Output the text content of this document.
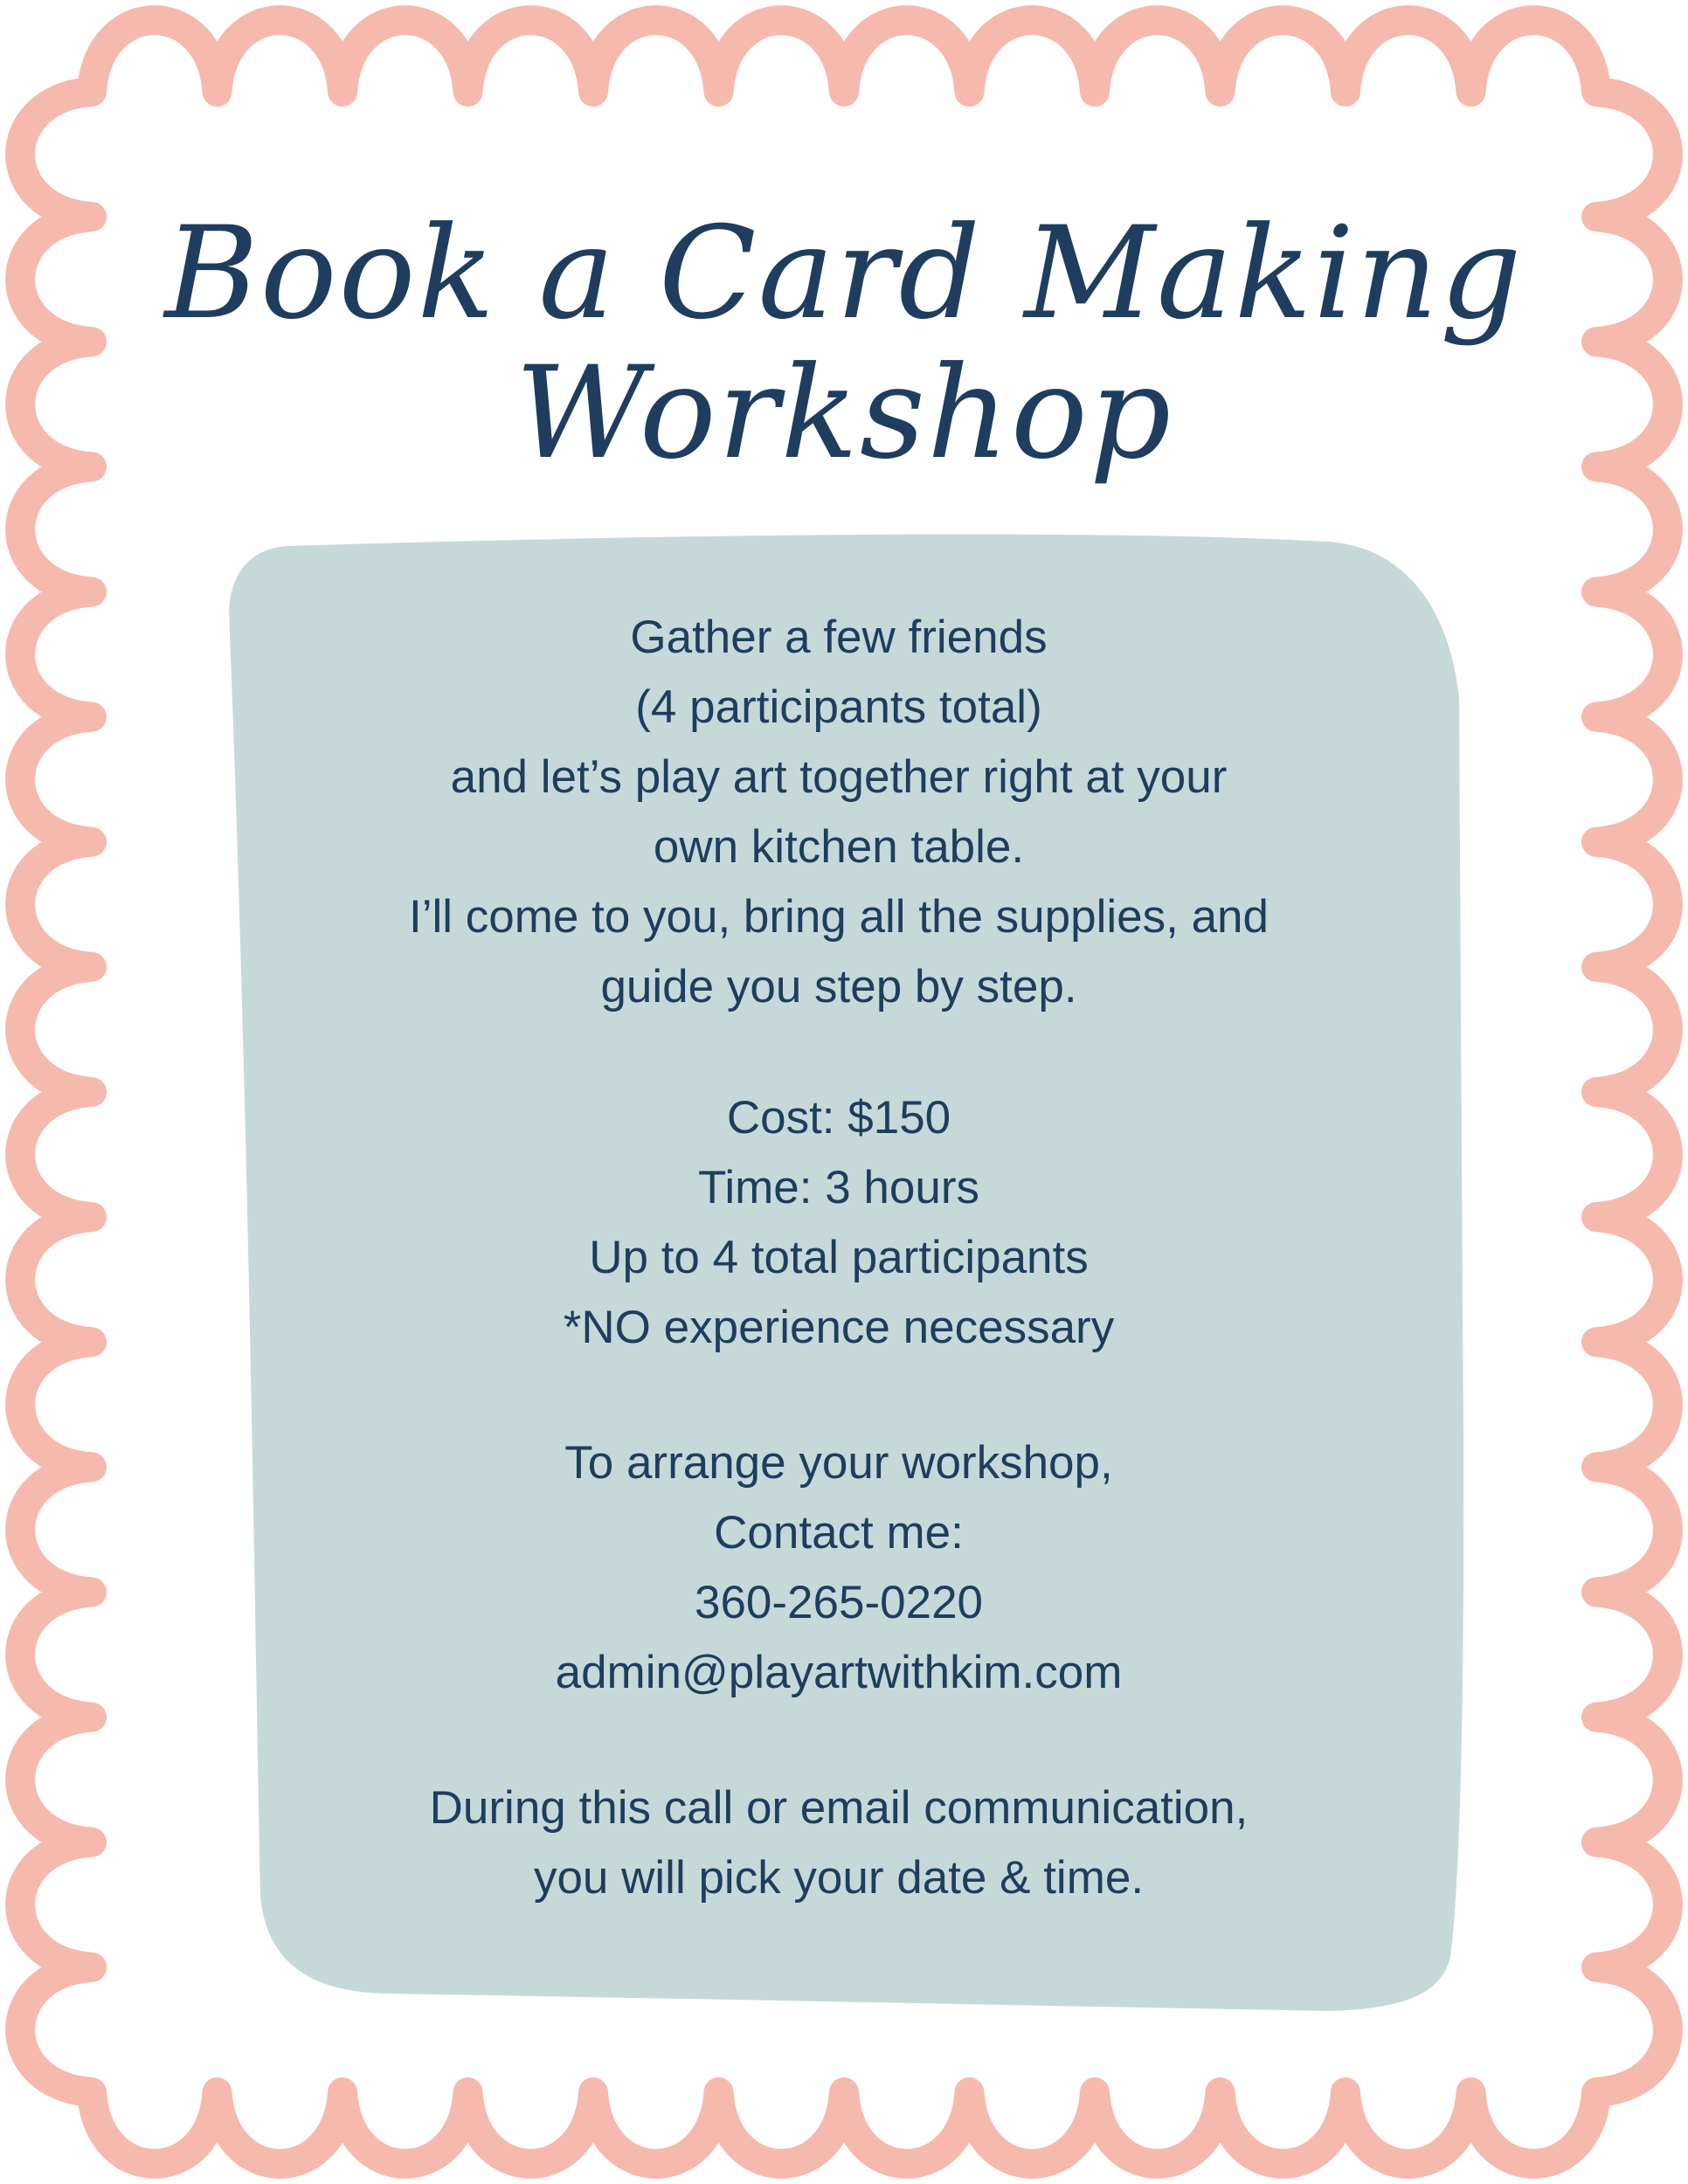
Book a Card Making
Workshop
Gather a few friends
(4 participants total)
and let’s play art together right at your
own kitchen table.
I’ll come to you, bring all the supplies, and
guide you step by step.
Cost: $150
Time: 3 hours
Up to 4 total participants
*NO experience necessary
To arrange your workshop,
Contact me:
360-265-0220
admin@playartwithkim.com
During this call or email communication,
you will pick your date & time.
